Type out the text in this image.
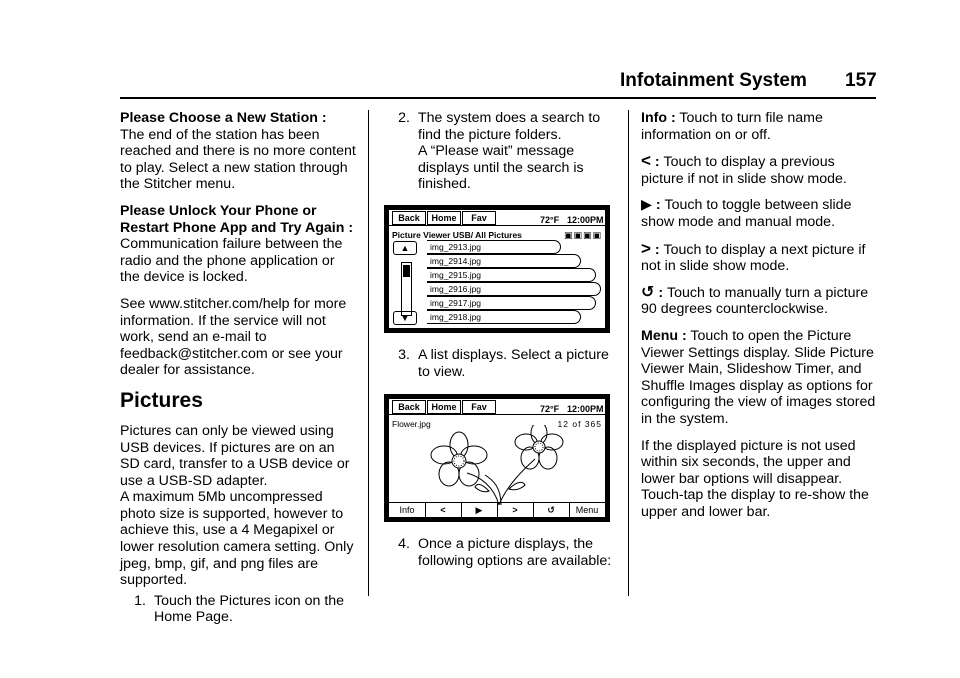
Infotainment System 157

Please Choose a New Station :
The end of the station has been reached and there is no more content to play. Select a new station through the Stitcher menu.

Please Unlock Your Phone or Restart Phone App and Try Again : Communication failure between the radio and the phone application or the device is locked.

See www.stitcher.com/help for more information. If the service will not work, send an e-mail to feedback@stitcher.com or see your dealer for assistance.

Pictures

Pictures can only be viewed using USB devices. If pictures are on an SD card, transfer to a USB device or use a USB-SD adapter.

A maximum 5Mb uncompressed photo size is supported, however to achieve this, use a 4 Megapixel or lower resolution camera setting. Only jpeg, bmp, gif, and png files are supported.

1. Touch the Pictures icon on the Home Page.
2. The system does a search to find the picture folders.
A “Please wait” message displays until the search is finished.
Back	Home	Fav	72°F 12:00PM
Picture Viewer USB/ All Pictures	▣▣▣▣
▲
▼
img_2913.jpg
img_2914.jpg
img_2915.jpg
img_2916.jpg
img_2917.jpg
img_2918.jpg
3. A list displays. Select a picture to view.
Back	Home	Fav	72°F 12:00PM
Flower.jpg	12 of 365
Info	<	▶	>	↺	Menu
4. Once a picture displays, the following options are available:

Info : Touch to turn file name information on or off.

< : Touch to display a previous picture if not in slide show mode.

▶ : Touch to toggle between slide show mode and manual mode.

> : Touch to display a next picture if not in slide show mode.

↺ : Touch to manually turn a picture 90 degrees counterclockwise.

Menu : Touch to open the Picture Viewer Settings display. Slide Picture Viewer Main, Slideshow Timer, and Shuffle Images display as options for configuring the view of images stored in the system.

If the displayed picture is not used within six seconds, the upper and lower bar options will disappear. Touch-tap the display to re-show the upper and lower bar.
